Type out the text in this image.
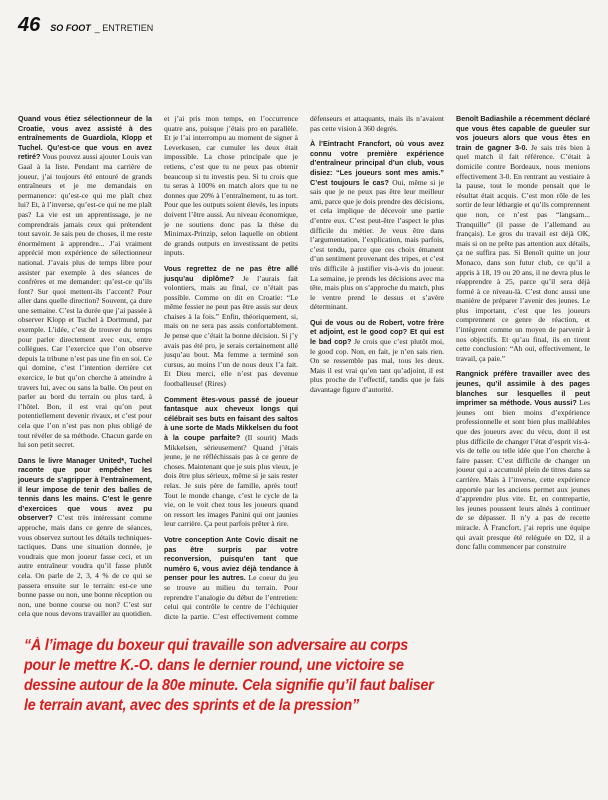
46 SO FOOT _ ENTRETIEN

Quand vous étiez sélectionneur de la Croatie, vous avez assisté à des entraînements de Guardiola, Klopp et Tuchel. Qu’est-ce que vous en avez retiré? Vous pouvez aussi ajouter Louis van Gaal à la liste. Pendant ma carrière de joueur, j’ai toujours été entouré de grands entraîneurs et je me demandais en permanence: qu’est-ce qui me plaît chez lui? Et, à l’inverse, qu’est-ce qui ne me plaît pas? La vie est un apprentissage, je ne comprendrais jamais ceux qui prétendent tout savoir. Je sais peu de choses, il me reste énormément à apprendre... J’ai vraiment apprécié mon expérience de sélectionneur national. J’avais plus de temps libre pour assister par exemple à des séances de confrères et me demander: qu’est-ce qu’ils font? Sur quoi mettent-ils l’accent? Pour aller dans quelle direction? Souvent, ça dure une semaine. C’est la durée que j’ai passée à observer Klopp et Tuchel à Dortmund, par exemple. L’idée, c’est de trouver du temps pour parler directement avec eux, entre collègues. Car l’exercice que l’on observe depuis la tribune n’est pas une fin en soi. Ce qui domine, c’est l’intention derrière cet exercice, le but qu’on cherche à atteindre à travers lui, avec ou sans la balle. On peut en parler au bord du terrain ou plus tard, à l’hôtel. Bon, il est vrai qu’on peut potentiellement devenir rivaux, et c’est pour cela que l’on n’est pas non plus obligé de tout révéler de sa méthode. Chacun garde en lui son petit secret.

Dans le livre Manager United*, Tuchel raconte que pour empêcher les joueurs de s’agripper à l’entraînement, il leur impose de tenir des balles de tennis dans les mains. C’est le genre d’exercices que vous avez pu observer? C’est très intéressant comme approche, mais dans ce genre de séances, vous observez surtout les détails techniques-tactiques. Dans une situation donnée, je voudrais que mon joueur fasse ceci, et un autre entraîneur voudra qu’il fasse plutôt cela. On parle de 2, 3, 4 % de ce qui se passera ensuite sur le terrain: est-ce une bonne passe ou non, une bonne réception ou non, une bonne course ou non? C’est sur cela que nous devons travailler au quotidien.

et j’ai pris mon temps, en l’occurrence quatre ans, puisque j’étais pro en parallèle. Et je l’ai interrompu au moment de signer à Leverkusen, car cumuler les deux était impossible. La chose principale que je retiens, c’est que tu ne peux pas obtenir beaucoup si tu investis peu. Si tu crois que tu seras à 100% en match alors que tu ne donnes que 20% à l’entraînement, tu as tort. Pour que les outputs soient élevés, les inputs doivent l’être aussi. Au niveau économique, je ne soutiens donc pas la thèse du Minimax-Prinzip, selon laquelle on obtient de grands outputs en investissant de petits inputs.

Vous regrettez de ne pas être allé jusqu’au diplôme? Je l’aurais fait volontiers, mais au final, ce n’était pas possible. Comme on dit en Croatie: “Le même fessier ne peut pas être assis sur deux chaises à la fois.” Enfin, théoriquement, si, mais on ne sera pas assis confortablement. Je pense que c’était la bonne décision. Si j’y avais pas été pro, je serais certainement allé jusqu’au bout. Ma femme a terminé son cursus, au moins l’un de nous deux l’a fait. Et Dieu merci, elle n’est pas devenue footballeuse! (Rires)

Comment êtes-vous passé de joueur fantasque aux cheveux longs qui célébrait ses buts en faisant des saltos à une sorte de Mads Mikkelsen du foot à la coupe parfaite? (Il sourit) Mads Mikkelsen, sérieusement? Quand j’étais jeune, je ne réfléchissais pas à ce genre de choses. Maintenant que je suis plus vieux, je dois être plus sérieux, même si je sais rester relax. Je suis père de famille, après tout! Tout le monde change, c’est le cycle de la vie, on le voit chez tous les joueurs quand on ressort les images Panini qui ont jaunies leur carrière. Ça peut parfois prêter à rire.

Votre conception Ante Covic disait ne pas être surpris par votre reconversion, puisqu’en tant que numéro 6, vous aviez déjà tendance à penser pour les autres. Le coeur du jeu se trouve au milieu du terrain. Pour reprendre l’analogie du début de l’entretien: celui qui contrôle le centre de l’échiquier dicte la partie. C’est effectivement comme

défenseurs et attaquants, mais ils n’avaient pas cette vision à 360 degrés.

À l’Eintracht Francfort, où vous avez connu votre première expérience d’entraîneur principal d’un club, vous disiez: “Les joueurs sont mes amis.” C’est toujours le cas? Oui, même si je sais que je ne peux pas être leur meilleur ami, parce que je dois prendre des décisions, et cela implique de décevoir une partie d’entre eux. C’est peut-être l’aspect le plus difficile du métier. Je veux être dans l’argumentation, l’explication, mais parfois, c’est tendu, parce que ces choix émanent d’un sentiment provenant des tripes, et c’est très difficile à justifier vis-à-vis du joueur. La semaine, je prends les décisions avec ma tête, mais plus on s’approche du match, plus le ventre prend le dessus et s’avère déterminant.

Qui de vous ou de Robert, votre frère et adjoint, est le good cop? Et qui est le bad cop? Je crois que c’est plutôt moi, le good cop. Non, en fait, je n’en sais rien. On se ressemble pas mal, tous les deux. Mais il est vrai qu’en tant qu’adjoint, il est plus proche de l’effectif, tandis que je fais davantage figure d’autorité.

Benoît Badiashile a récemment déclaré que vous êtes capable de gueuler sur vos joueurs alors que vous êtes en train de gagner 3-0. Je sais très bien à quel match il fait référence. C’était à domicile contre Bordeaux, nous menions effectivement 3-0. En rentrant au vestiaire à la pause, tout le monde pensait que le résultat était acquis. C’est mon rôle de les sortir de leur léthargie et qu’ils comprennent que non, ce n’est pas “langsam... Tranquille” (il passe de l’allemand au français). Le gros du travail est déjà OK, mais si on ne prête pas attention aux détails, ça ne suffira pas. Si Benoît quitte un jour Monaco, dans son futur club, ce qu’il a appris à 18, 19 ou 20 ans, il ne devra plus le réapprendre à 25, parce qu’il sera déjà formé à ce niveau-là. C’est donc aussi une manière de préparer l’avenir des jeunes. Le plus important, c’est que les joueurs comprennent ce genre de réaction, et l’intègrent comme un moyen de parvenir à nos objectifs. Et qu’au final, ils en tirent cette conclusion: “Ah oui, effectivement, le travail, ça paie.”

Rangnick préfère travailler avec des jeunes, qu’il assimile à des pages blanches sur lesquelles il peut imprimer sa méthode. Vous aussi? Les jeunes ont bien moins d’expérience professionnelle et sont bien plus malléables que des joueurs avec du vécu, dont il est plus difficile de changer l’état d’esprit vis-à-vis de telle ou telle idée que l’on cherche à faire passer. C’est difficile de changer un joueur qui a accumulé plein de titres dans sa carrière. Mais à l’inverse, cette expérience apportée par les anciens permet aux jeunes d’apprendre plus vite. Et, en contrepartie, les jeunes poussent leurs aînés à continuer de se dépasser. Il n’y a pas de recette miracle. À Francfort, j’ai repris une équipe qui avait presque été reléguée en D2, il a donc fallu commencer par construire

“À l’image du boxeur qui travaille son adversaire au corps pour le mettre K.-O. dans le dernier round, une victoire se dessine autour de la 80e minute. Cela signifie qu’il faut baliser le terrain avant, avec des sprints et de la pression”
